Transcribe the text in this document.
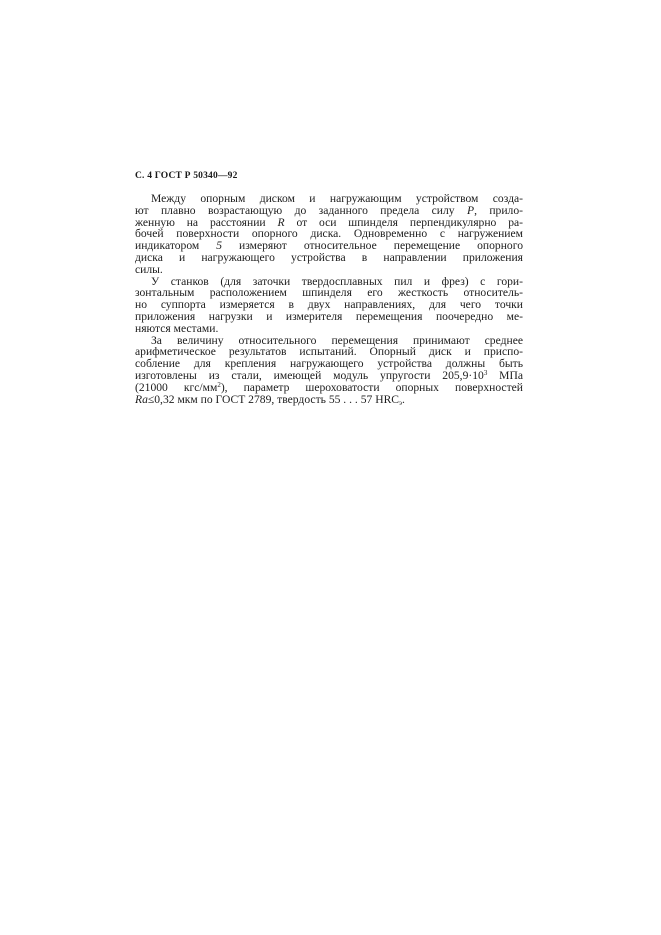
С. 4 ГОСТ Р 50340—92
Между опорным диском и нагружающим устройством созда-
ют плавно возрастающую до заданного предела силу P, прило-
женную на расстоянии R от оси шпинделя перпендикулярно ра-
бочей поверхности опорного диска. Одновременно с нагружением
индикатором 5 измеряют относительное перемещение опорного
диска и нагружающего устройства в направлении приложения
силы.
У станков (для заточки твердосплавных пил и фрез) с гори-
зонтальным расположением шпинделя его жесткость относитель-
но суппорта измеряется в двух направлениях, для чего точки
приложения нагрузки и измерителя перемещения поочередно ме-
няются местами.
За величину относительного перемещения принимают среднее
арифметическое результатов испытаний. Опорный диск и приспо-
собление для крепления нагружающего устройства должны быть
изготовлены из стали, имеющей модуль упругости $205,9\cdot 10^3$ МПа
(21000 кгс/$мм^2$), параметр шероховатости опорных поверхностей
Ra≤0,32 мкм по ГОСТ 2789, твердость 55 . . . 57 $HRC_э$.
